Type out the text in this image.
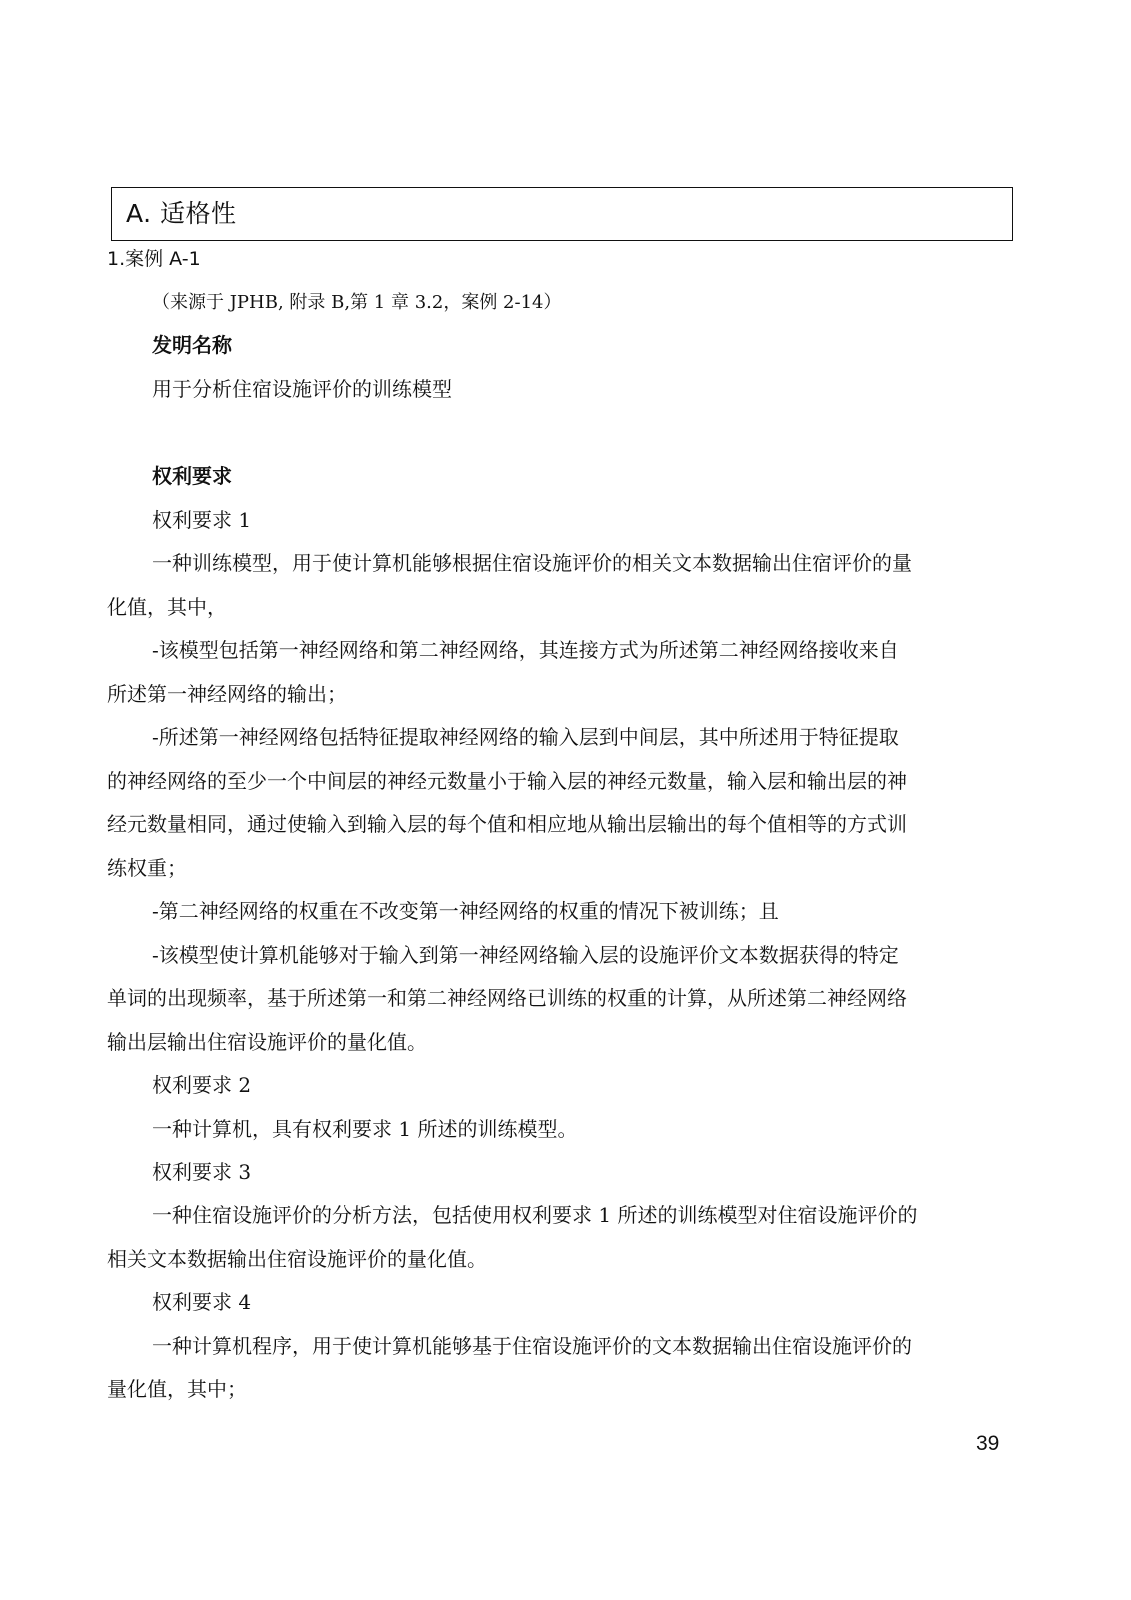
A. 适格性
1.案例 A-1
（来源于 JPHB, 附录 B,第 1 章 3.2，案例 2-14）
发明名称
用于分析住宿设施评价的训练模型
权利要求
权利要求 1
一种训练模型，用于使计算机能够根据住宿设施评价的相关文本数据输出住宿评价的量
化值，其中，
-该模型包括第一神经网络和第二神经网络，其连接方式为所述第二神经网络接收来自
所述第一神经网络的输出；
-所述第一神经网络包括特征提取神经网络的输入层到中间层，其中所述用于特征提取
的神经网络的至少一个中间层的神经元数量小于输入层的神经元数量，输入层和输出层的神
经元数量相同，通过使输入到输入层的每个值和相应地从输出层输出的每个值相等的方式训
练权重；
-第二神经网络的权重在不改变第一神经网络的权重的情况下被训练；且
-该模型使计算机能够对于输入到第一神经网络输入层的设施评价文本数据获得的特定
单词的出现频率，基于所述第一和第二神经网络已训练的权重的计算，从所述第二神经网络
输出层输出住宿设施评价的量化值。
权利要求 2
一种计算机，具有权利要求 1 所述的训练模型。
权利要求 3
一种住宿设施评价的分析方法，包括使用权利要求 1 所述的训练模型对住宿设施评价的
相关文本数据输出住宿设施评价的量化值。
权利要求 4
一种计算机程序，用于使计算机能够基于住宿设施评价的文本数据输出住宿设施评价的
量化值，其中；
39
